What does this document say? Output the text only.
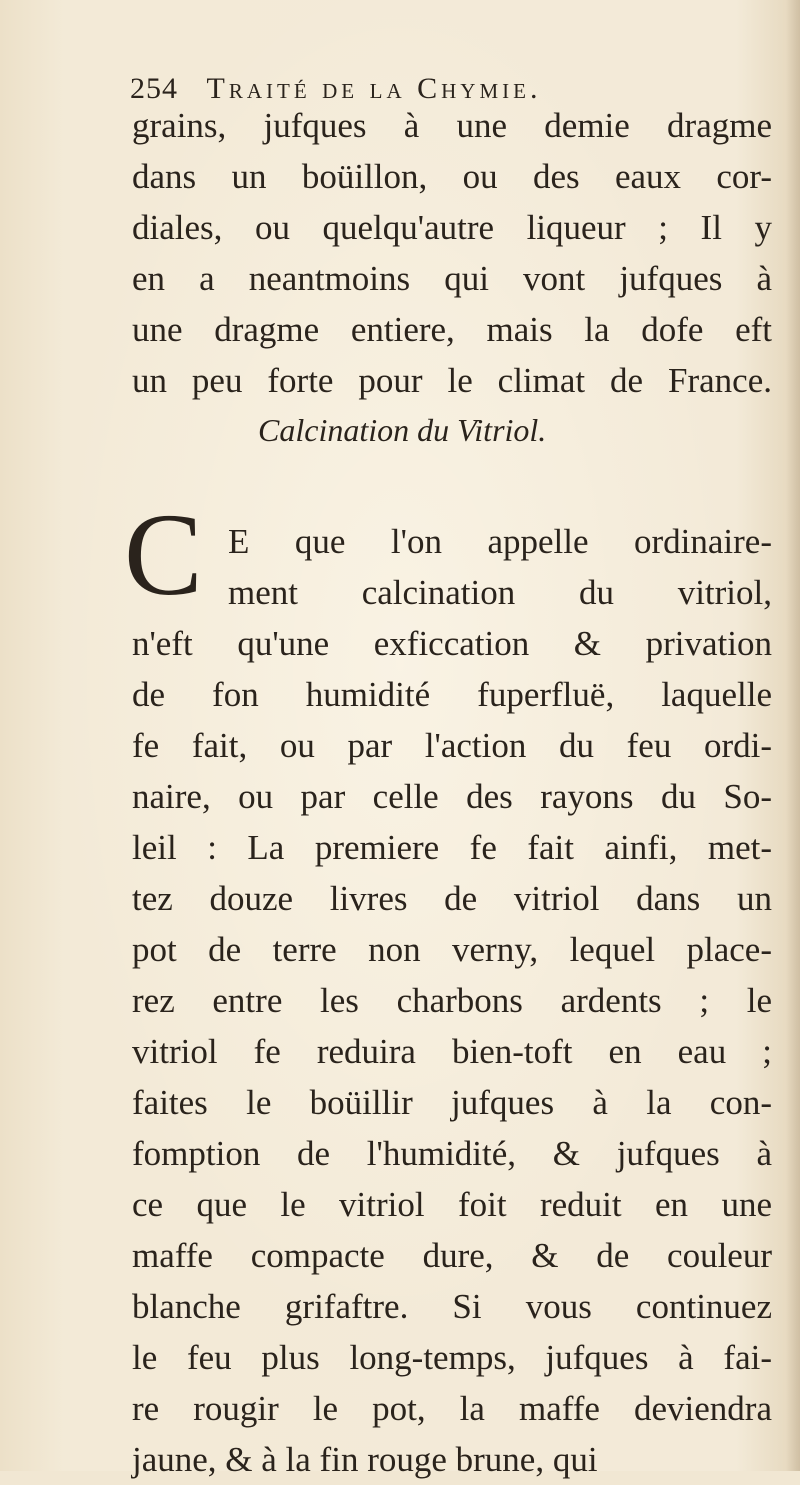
254 Traité de la Chymie.
grains, jufques à une demie dragme
dans un boüillon, ou des eaux cor-
diales, ou quelqu'autre liqueur ; Il y
en a neantmoins qui vont jufques à
une dragme entiere, mais la dofe eft
un peu forte pour le climat de France.
Calcination du Vitriol.
C E que l'on appelle ordinaire-
ment calcination du vitriol,
n'eft qu'une exficcation & privation
de fon humidité fuperfluë, laquelle
fe fait, ou par l'action du feu ordi-
naire, ou par celle des rayons du So-
leil : La premiere fe fait ainfi, met-
tez douze livres de vitriol dans un
pot de terre non verny, lequel place-
rez entre les charbons ardents ; le
vitriol fe reduira bien-toft en eau ;
faites le boüillir jufques à la con-
fomption de l'humidité, & jufques à
ce que le vitriol foit reduit en une
maffe compacte dure, & de couleur
blanche grifaftre. Si vous continuez
le feu plus long-temps, jufques à fai-
re rougir le pot, la maffe deviendra
jaune, & à la fin rouge brune, qui
